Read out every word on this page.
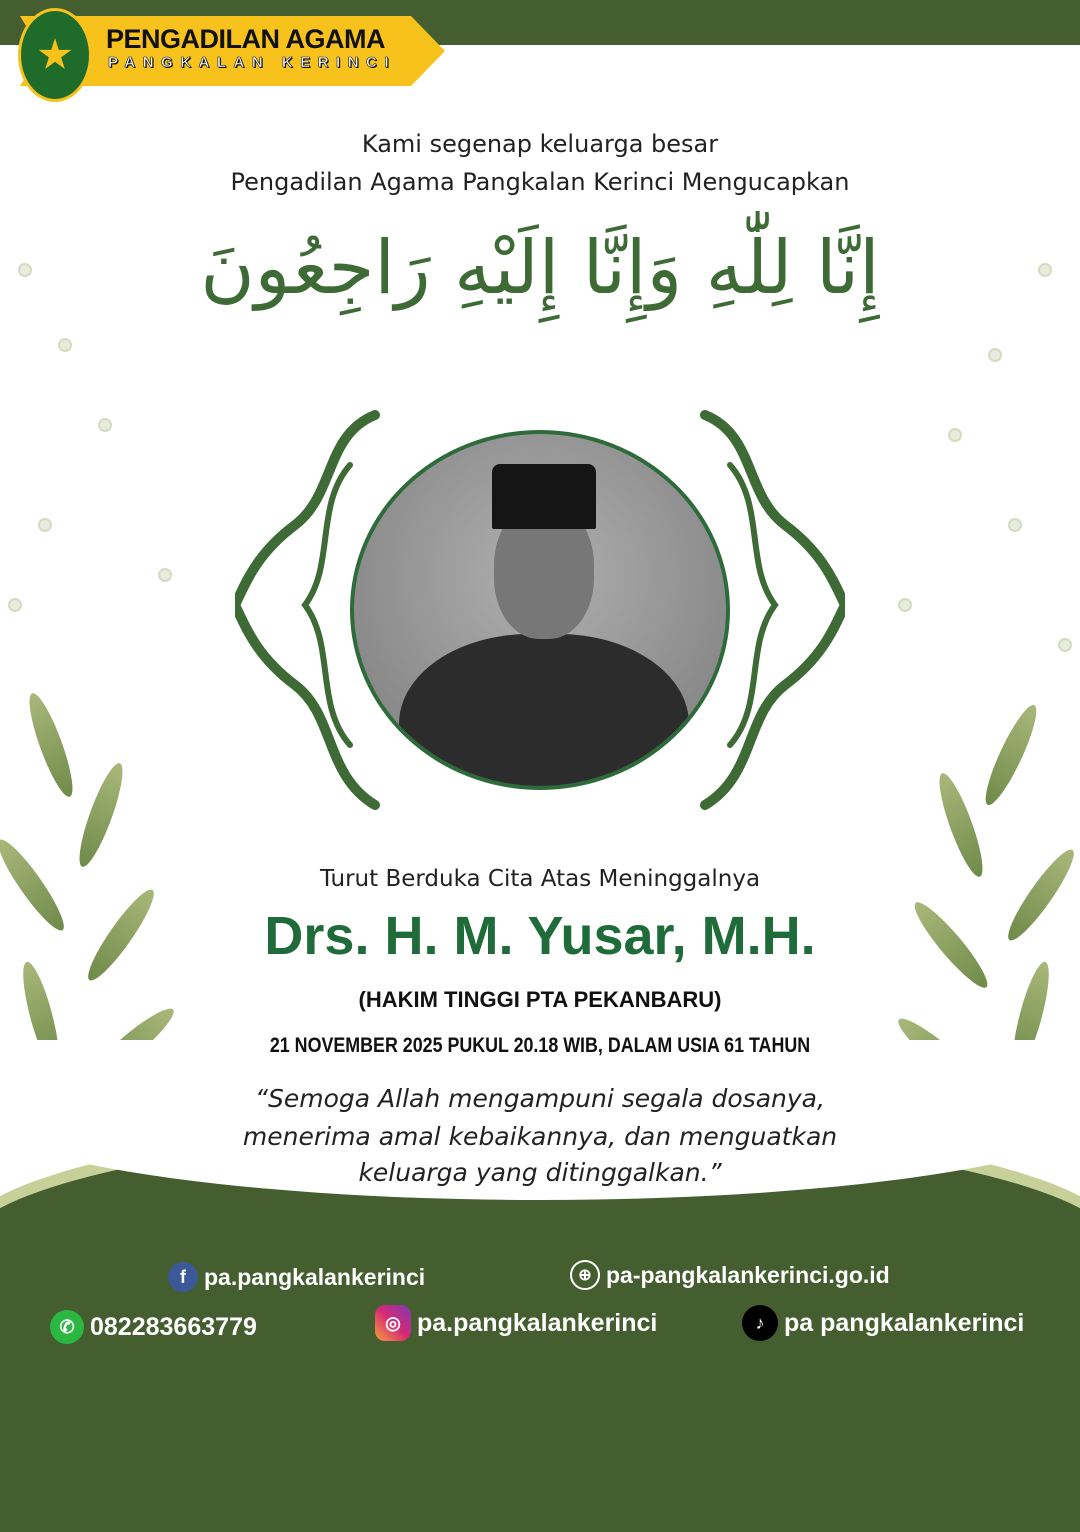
PENGADILAN AGAMA
PANGKALAN KERINCI
Kami segenap keluarga besar
Pengadilan Agama Pangkalan Kerinci Mengucapkan
إِنَّا لِلّٰهِ وَإِنَّا إِلَيْهِ رَاجِعُونَ
Turut Berduka Cita Atas Meninggalnya
Drs. H. M. Yusar, M.H.
(HAKIM TINGGI PTA PEKANBARU)
21 NOVEMBER 2025 PUKUL 20.18 WIB, DALAM USIA 61 TAHUN
“Semoga Allah mengampuni segala dosanya,
menerima amal kebaikannya, dan menguatkan
keluarga yang ditinggalkan.”
f pa.pangkalankerinci	⊕ pa-pangkalankerinci.go.id
✆ 082283663779	◎ pa.pangkalankerinci	♪ pa pangkalankerinci
